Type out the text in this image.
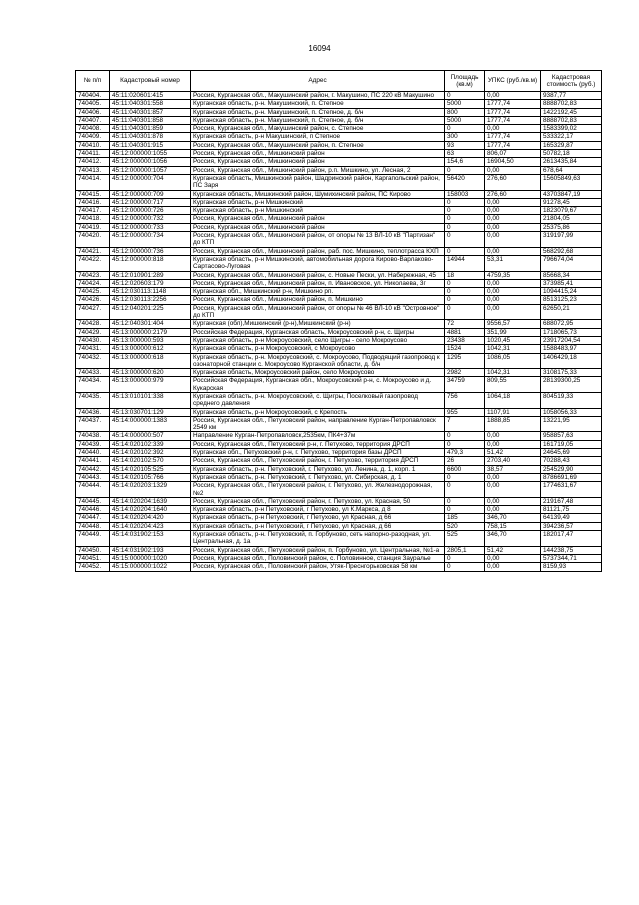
16094
№ п/п	Кадастровый номер	Адрес	Площадь (кв.м)	УПКС (руб./кв.м)	Кадастровая стоимость (руб.)
740404.	45:11:020601:415	Россия, Курганская обл., Макушинский район, г. Макушино, ПС 220 кВ Макушино	0	0,00	9387,77
740405.	45:11:040301:558	Курганская область, р-н. Макушинский, п. Степное	5000	1777,74	8888702,83
740406.	45:11:040301:857	Курганская область, р-н. Макушинский, п. Степное, д. б/н	800	1777,74	1422192,45
740407.	45:11:040301:858	Курганская область, р-н. Макушинский, п. Степное, д. б/н	5000	1777,74	8888702,83
740408.	45:11:040301:859	Россия, Курганская обл., Макушинский район, с. Степное	0	0,00	1583399,02
740409.	45:11:040301:878	Курганская область, р-н Макушинский, п Степное	300	1777,74	533322,17
740410.	45:11:040301:915	Россия, Курганская обл., Макушинский район, п. Степное	93	1777,74	165329,87
740411.	45:12:000000:1055	Россия, Курганская обл., Мишкинский район	63	806,07	50782,18
740412.	45:12:000000:1056	Россия, Курганская обл., Мишкинский район	154,6	16904,50	2613435,84
740413.	45:12:000000:1057	Россия, Курганская обл., Мишкинский район, р.п. Мишкино, ул. Лесная, 2	0	0,00	678,64
740414.	45:12:000000:704	Курганская область, Мишкинский район, Шадринский район, Каргапольский район, ПС Заря	56420	276,60	15605849,63
740415.	45:12:000000:709	Курганская область, Мишкинский район, Шумихинский район, ПС Кирово	158003	276,60	43703847,19
740416.	45:12:000000:717	Курганская область, р-н Мишкинский	0	0,00	91278,45
740417.	45:12:000000:726	Курганская область, р-н Мишкинский	0	0,00	1823079,67
740418.	45:12:000000:732	Россия, Курганская обл., Мишкинский район	0	0,00	21804,05
740419.	45:12:000000:733	Россия, Курганская обл., Мишкинский район	0	0,00	25375,86
740420.	45:12:000000:734	Россия, Курганская обл., Мишкинский район, от опоры № 13 ВЛ-10 кВ "Партизан" до КТП	0	0,00	319197,99
740421.	45:12:000000:736	Россия, Курганская обл., Мишкинский район, раб. пос. Мишкино, теплотрасса КХП	0	0,00	568292,68
740422.	45:12:000000:818	Курганская область, р-н Мишкинский, автомобильная дорога Кирово-Варлаково-Сартасово-Луговая	14944	53,31	796674,04
740423.	45:12:010901:289	Россия, Курганская обл., Мишкинский район, с. Новые Пески, ул. Набережная, 45	18	4759,35	85668,34
740424.	45:12:020603:179	Россия, Курганская обл., Мишкинский район, п. Ивановское, ул. Николаева, 3г	0	0,00	373985,41
740425.	45:12:030113:1148	Курганская обл., Мишкинский р-н, Мишкино рп.	0	0,00	1094415,24
740426.	45:12:030113:2256	Россия, Курганская обл., Мишкинский район, п. Мишкино	0	0,00	8513125,23
740427.	45:12:040201:225	Россия, Курганская обл., Мишкинский район, от опоры № 46 ВЛ-10 кВ "Островное" до КТП	0	0,00	62650,21
740428.	45:12:040301:404	Курганская (обл),Мишкинский (р-н),Мишкинский (р-н)	72	9556,57	688072,95
740429.	45:13:000000:2179	Российская Федерация, Курганская область, Мокроусовский р-н, с. Щигры	4881	351,99	1718065,73
740430.	45:13:000000:593	Курганская область, р-н Мокроусовский, село Щигры - село Мокроусово	23438	1020,45	23917204,54
740431.	45:13:000000:612	Курганская область, р-н Мокроусовский, с Мокроусово	1524	1042,31	1588483,97
740432.	45:13:000000:618	Курганская область, р-н. Мокроусовский, с. Мокроусово, Подводящий газопровод к озонаторной станции с. Мокроусово Курганской области, д. б/н	1295	1086,05	1406429,18
740433.	45:13:000000:620	Курганская область, Мокроусовский район, село Мокроусово	2982	1042,31	3108175,33
740434.	45:13:000000:979	Российская Федерация, Курганская обл., Мокроусовский р-н, с. Мокроусово и д. Кукарская	34759	809,55	28139300,25
740435.	45:13:010101:338	Курганская область, р-н. Мокроусовский, с. Щигры, Поселковый газопровод среднего давления	756	1064,18	804519,33
740436.	45:13:030701:129	Курганская область, р-н Мокроусовский, с Крепость	955	1107,91	1058056,33
740437.	45:14:000000:1383	Россия, Курганская обл., Петуховский район, направление Курган-Петропавловск 2549 км	7	1888,85	13221,95
740438.	45:14:000000:507	Направление Курган-Петропавловск,2535км, ПК4+37м	0	0,00	958857,63
740439.	45:14:020102:339	Россия, Курганская обл., Петуховский р-н, г. Петухово, территория ДРСП	0	0,00	161719,05
740440.	45:14:020102:392	Курганская обл., Петуховский р-н, г. Петухово, территория базы ДРСП	479,3	51,42	24645,69
740441.	45:14:020102:570	Россия, Курганская обл., Петуховский район, г. Петухово, территория ДРСП	26	2703,40	70288,43
740442.	45:14:020105:525	Курганская область, р-н. Петуховский, г. Петухово, ул. Ленина, д. 1, корп. 1	6600	38,57	254529,90
740443.	45:14:020105:766	Курганская область, р-н. Петуховский, г. Петухово, ул. Сибирская, д. 1	0	0,00	8786691,69
740444.	45:14:020203:1329	Россия, Курганская обл., Петуховский район, г. Петухово, ул. Железнодорожная, №2	0	0,00	1774631,67
740445.	45:14:020204:1639	Россия, Курганская обл., Петуховский район, г. Петухово, ул. Красная, 50	0	0,00	219167,48
740446.	45:14:020204:1640	Курганская область, р-н Петуховский, г Петухово, ул К.Маркса, д 8	0	0,00	81121,75
740447.	45:14:020204:420	Курганская область, р-н Петуховский, г Петухово, ул Красная, д 66	185	346,70	64139,49
740448.	45:14:020204:423	Курганская область, р-н Петуховский, г Петухово, ул Красная, д 66	520	758,15	394236,57
740449.	45:14:031902:153	Курганская область, р-н. Петуховский, п. Горбуново, сеть напорно-разодная, ул. Центральная, д. 1а	525	346,70	182017,47
740450.	45:14:031902:193	Россия, Курганская обл., Петуховский район, п. Горбуново, ул. Центральная, №1-а	2805,1	51,42	144238,75
740451.	45:15:000000:1020	Россия, Курганская обл., Половинский район, с. Половинное, станция Зауралье	0	0,00	5737344,71
740452.	45:15:000000:1022	Россия, Курганская обл., Половинский район, Утяк-Преснгорьковская 58 км	0	0,00	8159,93
